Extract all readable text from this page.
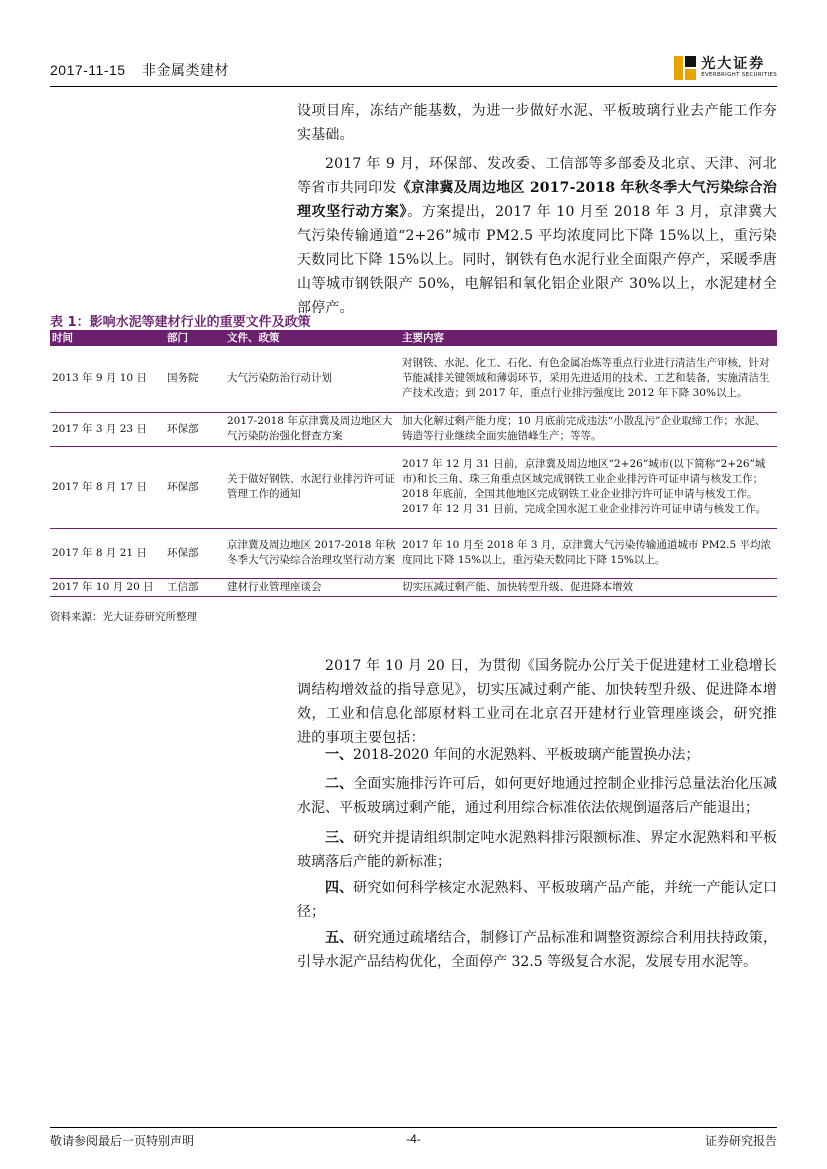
2017-11-15 非金属类建材	光大证券
EVERBRIGHT SECURITIES
设项目库，冻结产能基数，为进一步做好水泥、平板玻璃行业去产能工作夯实基础。
2017 年 9 月，环保部、发改委、工信部等多部委及北京、天津、河北等省市共同印发《京津冀及周边地区 2017-2018 年秋冬季大气污染综合治理攻坚行动方案》。方案提出，2017 年 10 月至 2018 年 3 月，京津冀大气污染传输通道“2+26”城市 PM2.5 平均浓度同比下降 15%以上，重污染天数同比下降 15%以上。同时，钢铁有色水泥行业全面限产停产，采暖季唐山等城市钢铁限产 50%，电解铝和氧化铝企业限产 30%以上，水泥建材全部停产。
表 1：影响水泥等建材行业的重要文件及政策
时间	部门	文件、政策	主要内容
2013 年 9 月 10 日	国务院	大气污染防治行动计划	对钢铁、水泥、化工、石化、有色金属冶炼等重点行业进行清洁生产审核，针对节能减排关键领域和薄弱环节，采用先进适用的技术、工艺和装备，实施清洁生产技术改造；到 2017 年，重点行业排污强度比 2012 年下降 30%以上。
2017 年 3 月 23 日	环保部	2017-2018 年京津冀及周边地区大气污染防治强化督查方案	加大化解过剩产能力度；10 月底前完成违法“小散乱污”企业取缔工作；水泥、铸造等行业继续全面实施错峰生产；等等。
2017 年 8 月 17 日	环保部	关于做好钢铁、水泥行业排污许可证管理工作的通知	2017 年 12 月 31 日前，京津冀及周边地区“2+26”城市(以下简称“2+26”城市)和长三角、珠三角重点区域完成钢铁工业企业排污许可证申请与核发工作；2018 年底前，全国其他地区完成钢铁工业企业排污许可证申请与核发工作。2017 年 12 月 31 日前，完成全国水泥工业企业排污许可证申请与核发工作。
2017 年 8 月 21 日	环保部	京津冀及周边地区 2017-2018 年秋冬季大气污染综合治理攻坚行动方案	2017 年 10 月至 2018 年 3 月，京津冀大气污染传输通道城市 PM2.5 平均浓度同比下降 15%以上，重污染天数同比下降 15%以上。
2017 年 10 月 20 日	工信部	建材行业管理座谈会	切实压减过剩产能、加快转型升级、促进降本增效
资料来源：光大证券研究所整理
2017 年 10 月 20 日，为贯彻《国务院办公厅关于促进建材工业稳增长调结构增效益的指导意见》，切实压减过剩产能、加快转型升级、促进降本增效，工业和信息化部原材料工业司在北京召开建材行业管理座谈会，研究推进的事项主要包括：
一、2018-2020 年间的水泥熟料、平板玻璃产能置换办法；
二、全面实施排污许可后，如何更好地通过控制企业排污总量法治化压减水泥、平板玻璃过剩产能，通过利用综合标准依法依规倒逼落后产能退出；
三、研究并提请组织制定吨水泥熟料排污限额标准、界定水泥熟料和平板玻璃落后产能的新标准；
四、研究如何科学核定水泥熟料、平板玻璃产品产能，并统一产能认定口径；
五、研究通过疏堵结合，制修订产品标准和调整资源综合利用扶持政策，引导水泥产品结构优化，全面停产 32.5 等级复合水泥，发展专用水泥等。
敬请参阅最后一页特别声明	-4-	证券研究报告
